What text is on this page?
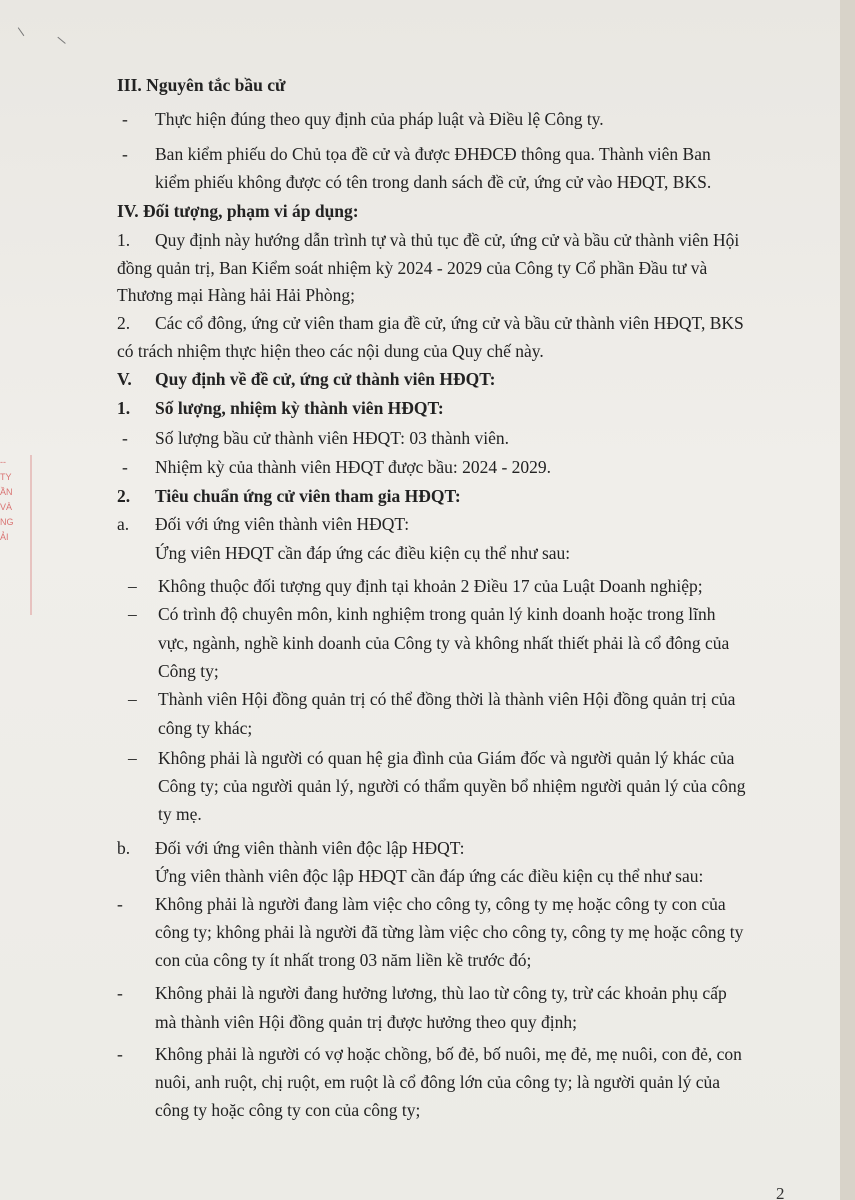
--
TY
ẦN
VÀ
NG
ẢI
III. Nguyên tắc bầu cử
- Thực hiện đúng theo quy định của pháp luật và Điều lệ Công ty.
- Ban kiểm phiếu do Chủ tọa đề cử và được ĐHĐCĐ thông qua. Thành viên Ban
kiểm phiếu không được có tên trong danh sách đề cử, ứng cử vào HĐQT, BKS.
IV. Đối tượng, phạm vi áp dụng:
1. Quy định này hướng dẫn trình tự và thủ tục đề cử, ứng cử và bầu cử thành viên Hội
đồng quản trị, Ban Kiểm soát nhiệm kỳ 2024 - 2029 của Công ty Cổ phần Đầu tư và
Thương mại Hàng hải Hải Phòng;
2. Các cổ đông, ứng cử viên tham gia đề cử, ứng cử và bầu cử thành viên HĐQT, BKS
có trách nhiệm thực hiện theo các nội dung của Quy chế này.
V. Quy định về đề cử, ứng cử thành viên HĐQT:
1. Số lượng, nhiệm kỳ thành viên HĐQT:
- Số lượng bầu cử thành viên HĐQT: 03 thành viên.
- Nhiệm kỳ của thành viên HĐQT được bầu: 2024 - 2029.
2. Tiêu chuẩn ứng cử viên tham gia HĐQT:
a. Đối với ứng viên thành viên HĐQT:
Ứng viên HĐQT cần đáp ứng các điều kiện cụ thể như sau:
– Không thuộc đối tượng quy định tại khoản 2 Điều 17 của Luật Doanh nghiệp;
– Có trình độ chuyên môn, kinh nghiệm trong quản lý kinh doanh hoặc trong lĩnh
vực, ngành, nghề kinh doanh của Công ty và không nhất thiết phải là cổ đông của
Công ty;
– Thành viên Hội đồng quản trị có thể đồng thời là thành viên Hội đồng quản trị của
công ty khác;
– Không phải là người có quan hệ gia đình của Giám đốc và người quản lý khác của
Công ty; của người quản lý, người có thẩm quyền bổ nhiệm người quản lý của công
ty mẹ.
b. Đối với ứng viên thành viên độc lập HĐQT:
Ứng viên thành viên độc lập HĐQT cần đáp ứng các điều kiện cụ thể như sau:
- Không phải là người đang làm việc cho công ty, công ty mẹ hoặc công ty con của
công ty; không phải là người đã từng làm việc cho công ty, công ty mẹ hoặc công ty
con của công ty ít nhất trong 03 năm liền kề trước đó;
- Không phải là người đang hưởng lương, thù lao từ công ty, trừ các khoản phụ cấp
mà thành viên Hội đồng quản trị được hưởng theo quy định;
- Không phải là người có vợ hoặc chồng, bố đẻ, bố nuôi, mẹ đẻ, mẹ nuôi, con đẻ, con
nuôi, anh ruột, chị ruột, em ruột là cổ đông lớn của công ty; là người quản lý của
công ty hoặc công ty con của công ty;
2
